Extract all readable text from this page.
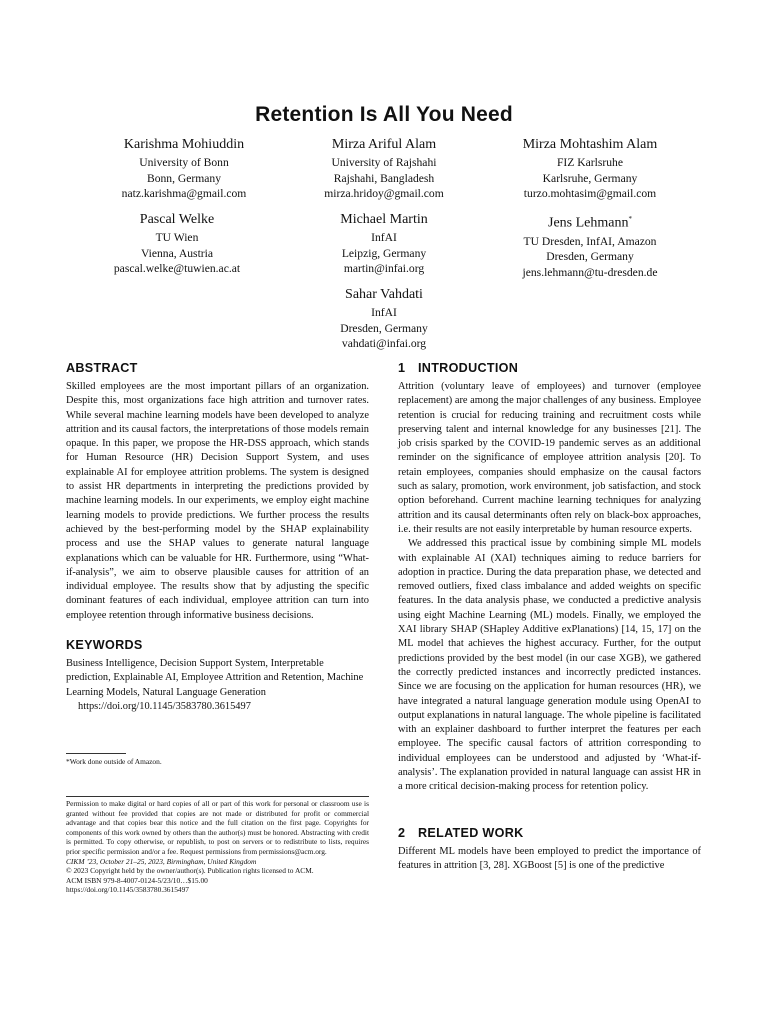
Retention Is All You Need
Karishma Mohiuddin
University of Bonn
Bonn, Germany
natz.karishma@gmail.com
Mirza Ariful Alam
University of Rajshahi
Rajshahi, Bangladesh
mirza.hridoy@gmail.com
Mirza Mohtashim Alam
FIZ Karlsruhe
Karlsruhe, Germany
turzo.mohtasim@gmail.com
Pascal Welke
TU Wien
Vienna, Austria
pascal.welke@tuwien.ac.at
Michael Martin
InfAI
Leipzig, Germany
martin@infai.org
Jens Lehmann*
TU Dresden, InfAI, Amazon
Dresden, Germany
jens.lehmann@tu-dresden.de
Sahar Vahdati
InfAI
Dresden, Germany
vahdati@infai.org
ABSTRACT

Skilled employees are the most important pillars of an organization. Despite this, most organizations face high attrition and turnover rates. While several machine learning models have been developed to analyze attrition and its causal factors, the interpretations of those models remain opaque. In this paper, we propose the HR-DSS approach, which stands for Human Resource (HR) Decision Support System, and uses explainable AI for employee attrition problems. The system is designed to assist HR departments in interpreting the predictions provided by machine learning models. In our experiments, we employ eight machine learning models to provide predictions. We further process the results achieved by the best-performing model by the SHAP explainability process and use the SHAP values to generate natural language explanations which can be valuable for HR. Furthermore, using “What-if-analysis”, we aim to observe plausible causes for attrition of an individual employee. The results show that by adjusting the specific dominant features of each individual, employee attrition can turn into employee retention through informative business decisions.

KEYWORDS

Business Intelligence, Decision Support System, Interpretable prediction, Explainable AI, Employee Attrition and Retention, Machine Learning Models, Natural Language Generation

https://doi.org/10.1145/3583780.3615497
*Work done outside of Amazon.
Permission to make digital or hard copies of all or part of this work for personal or classroom use is granted without fee provided that copies are not made or distributed for profit or commercial advantage and that copies bear this notice and the full citation on the first page. Copyrights for components of this work owned by others than the author(s) must be honored. Abstracting with credit is permitted. To copy otherwise, or republish, to post on servers or to redistribute to lists, requires prior specific permission and/or a fee. Request permissions from permissions@acm.org.
CIKM ’23, October 21–25, 2023, Birmingham, United Kingdom
© 2023 Copyright held by the owner/author(s). Publication rights licensed to ACM.
ACM ISBN 979-8-4007-0124-5/23/10…$15.00
https://doi.org/10.1145/3583780.3615497
1 INTRODUCTION

Attrition (voluntary leave of employees) and turnover (employee replacement) are among the major challenges of any business. Employee retention is crucial for reducing training and recruitment costs while preserving talent and internal knowledge for any businesses [21]. The job crisis sparked by the COVID-19 pandemic serves as an additional reminder on the significance of employee attrition analysis [20]. To retain employees, companies should emphasize on the causal factors such as salary, promotion, work environment, job satisfaction, and stock option beforehand. Current machine learning techniques for analyzing attrition and its causal determinants often rely on black-box approaches, i.e. their results are not easily interpretable by human resource experts.

We addressed this practical issue by combining simple ML models with explainable AI (XAI) techniques aiming to reduce barriers for adoption in practice. During the data preparation phase, we detected and removed outliers, fixed class imbalance and added weights on specific features. In the data analysis phase, we conducted a predictive analysis using eight Machine Learning (ML) models. Finally, we employed the XAI library SHAP (SHapley Additive exPlanations) [14, 15, 17] on the ML model that achieves the highest accuracy. Further, for the output predictions provided by the best model (in our case XGB), we gathered the correctly predicted instances and incorrectly predicted instances. Since we are focusing on the application for human resources (HR), we have integrated a natural language generation module using OpenAI to output explanations in natural language. The whole pipeline is facilitated with an explainer dashboard to further interpret the features per each employee. The specific causal factors of attrition corresponding to individual employees can be understood and adjusted by ‘What-if-analysis’. The explanation provided in natural language can assist HR in a more critical decision-making process for retention policy.

2 RELATED WORK

Different ML models have been employed to predict the importance of features in attrition [3, 28]. XGBoost [5] is one of the predictive
